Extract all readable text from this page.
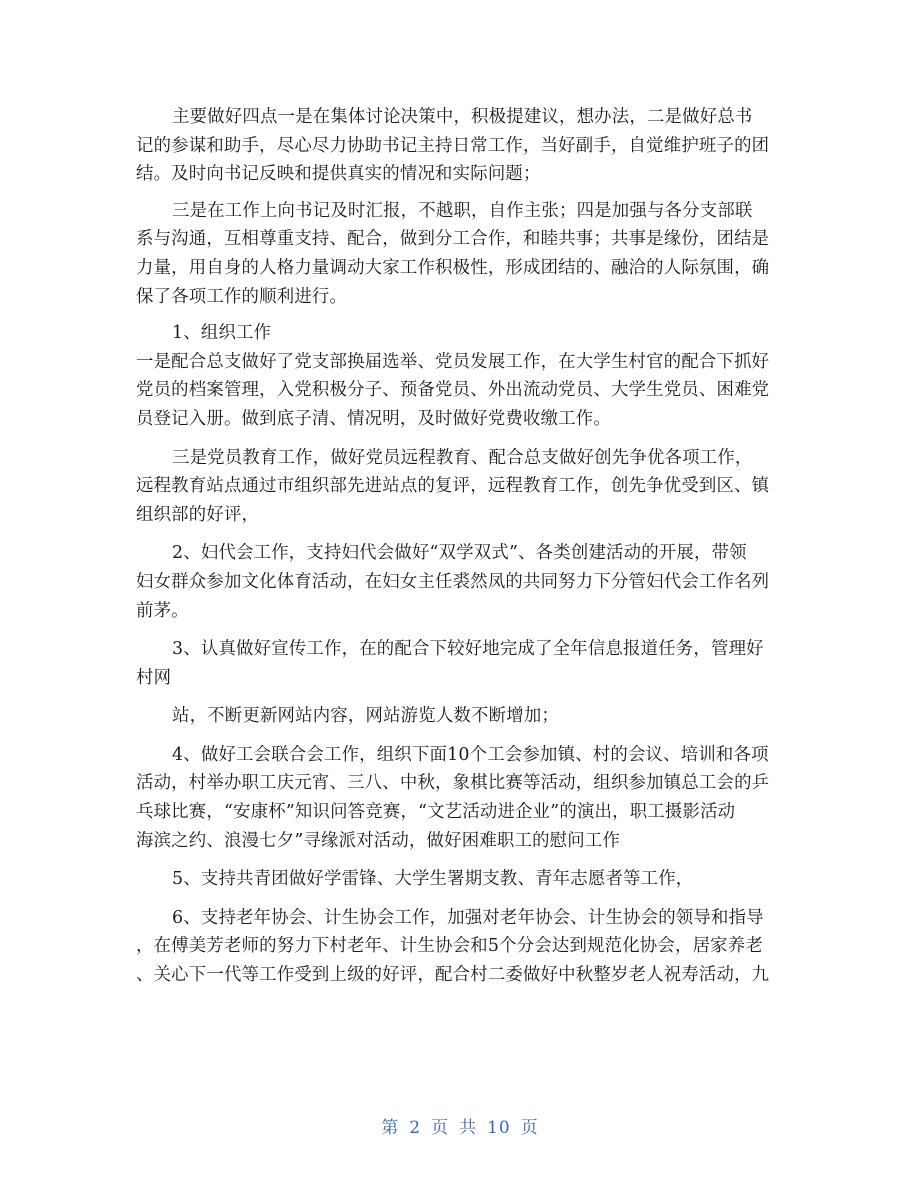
主要做好四点一是在集体讨论决策中，积极提建议，想办法，二是做好总书
记的参谋和助手，尽心尽力协助书记主持日常工作，当好副手，自觉维护班子的团
结。及时向书记反映和提供真实的情况和实际问题；

三是在工作上向书记及时汇报，不越职，自作主张；四是加强与各分支部联
系与沟通，互相尊重支持、配合，做到分工合作，和睦共事；共事是缘份，团结是
力量，用自身的人格力量调动大家工作积极性，形成团结的、融洽的人际氛围，确
保了各项工作的顺利进行。

1、组织工作

一是配合总支做好了党支部换届选举、党员发展工作，在大学生村官的配合下抓好
党员的档案管理，入党积极分子、预备党员、外出流动党员、大学生党员、困难党
员登记入册。做到底子清、情况明，及时做好党费收缴工作。

三是党员教育工作，做好党员远程教育、配合总支做好创先争优各项工作，
远程教育站点通过市组织部先进站点的复评，远程教育工作，创先争优受到区、镇
组织部的好评，

2、妇代会工作，支持妇代会做好“双学双式”、各类创建活动的开展，带领
妇女群众参加文化体育活动，在妇女主任裘然凤的共同努力下分管妇代会工作名列
前茅。

3、认真做好宣传工作，在的配合下较好地完成了全年信息报道任务，管理好
村网

站，不断更新网站内容，网站游览人数不断增加；

4、做好工会联合会工作，组织下面10个工会参加镇、村的会议、培训和各项
活动，村举办职工庆元宵、三八、中秋，象棋比赛等活动，组织参加镇总工会的乒
乓球比赛，“安康杯”知识问答竞赛，“文艺活动进企业”的演出，职工摄影活动
海滨之约、浪漫七夕”寻缘派对活动，做好困难职工的慰问工作

5、支持共青团做好学雷锋、大学生署期支教、青年志愿者等工作，

6、支持老年协会、计生协会工作，加强对老年协会、计生协会的领导和指导
，在傅美芳老师的努力下村老年、计生协会和5个分会达到规范化协会，居家养老
、关心下一代等工作受到上级的好评，配合村二委做好中秋整岁老人祝寿活动，九

第 2 页 共 10 页
